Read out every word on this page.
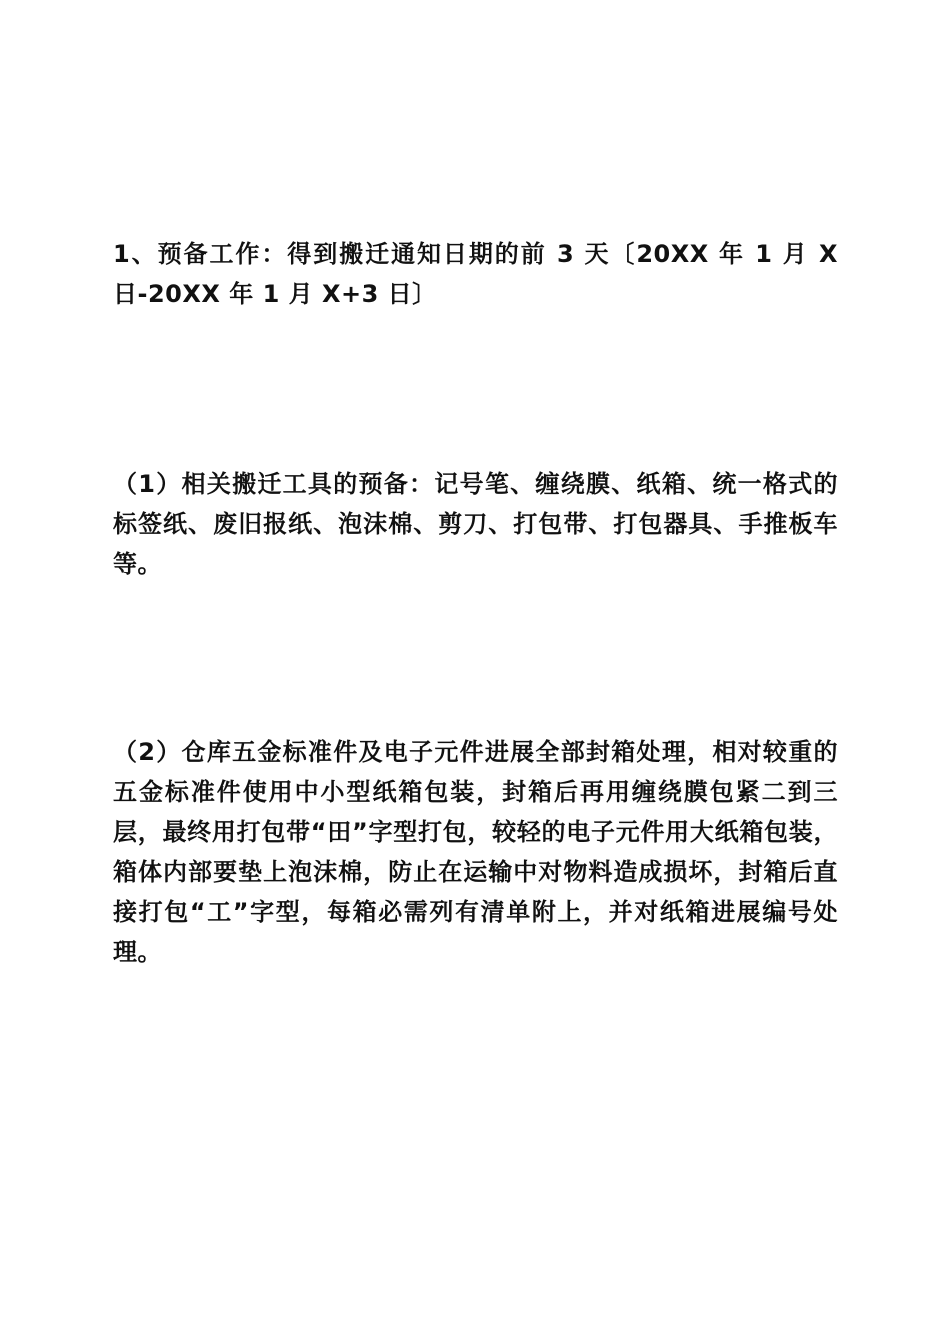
1、预备工作：得到搬迁通知日期的前 3 天〔20XX 年 1 月 X 日-20XX 年 1 月 X+3 日〕

（1）相关搬迁工具的预备：记号笔、缠绕膜、纸箱、统一格式的标签纸、废旧报纸、泡沫棉、剪刀、打包带、打包器具、手推板车等。

（2）仓库五金标准件及电子元件进展全部封箱处理，相对较重的五金标准件使用中小型纸箱包装，封箱后再用缠绕膜包紧二到三层，最终用打包带“田”字型打包，较轻的电子元件用大纸箱包装，箱体内部要垫上泡沫棉，防止在运输中对物料造成损坏，封箱后直接打包“工”字型，每箱必需列有清单附上，并对纸箱进展编号处理。
